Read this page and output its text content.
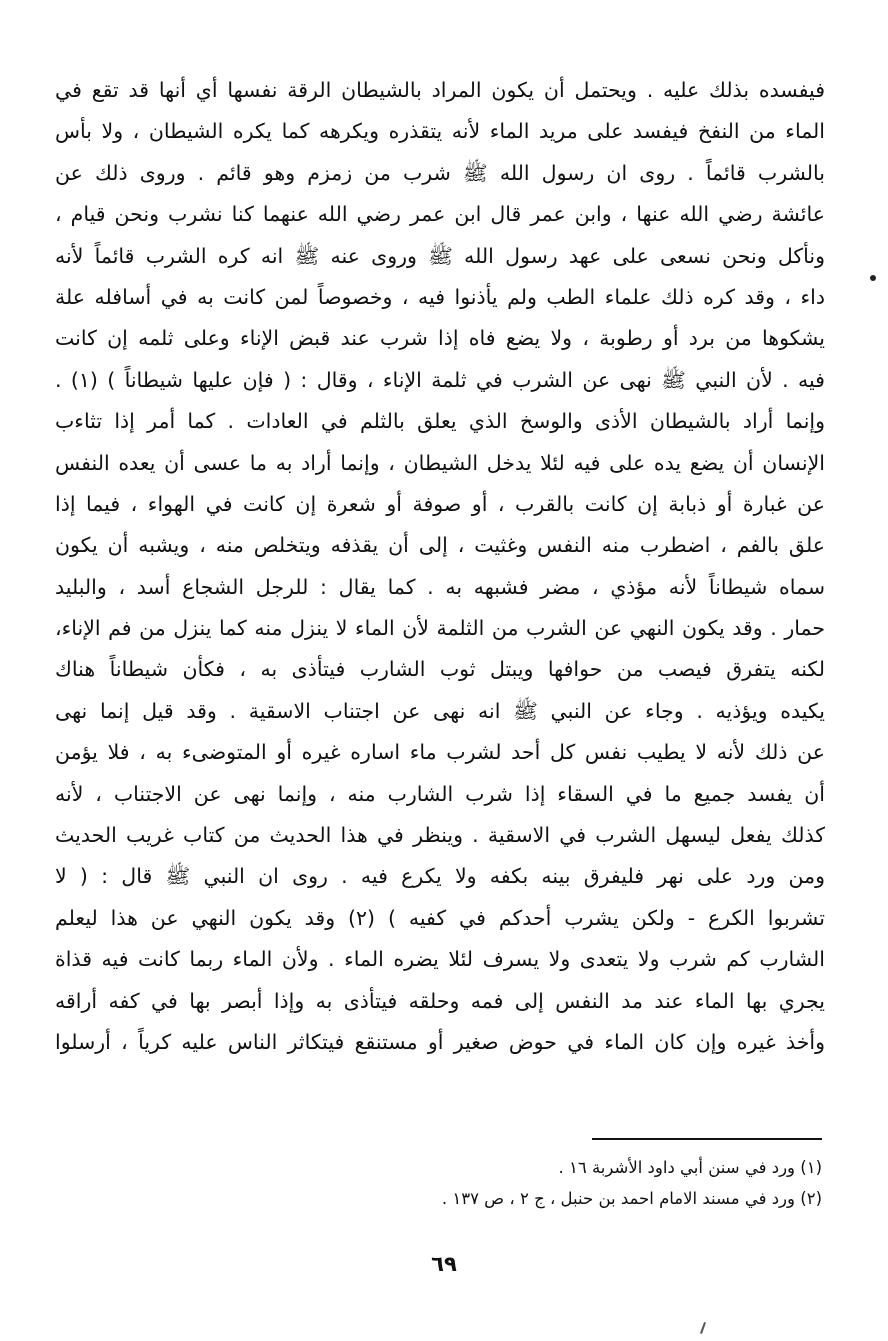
فيفسده بذلك عليه . ويحتمل أن يكون المراد بالشيطان الرقة نفسها أي أنها قد تقع في
الماء من النفخ فيفسد على مريد الماء لأنه يتقذره ويكرهه كما يكره الشيطان ، ولا بأس
بالشرب قائماً . روى ان رسول الله ﷺ شرب من زمزم وهو قائم . وروى ذلك عن
عائشة رضي الله عنها ، وابن عمر قال ابن عمر رضي الله عنهما كنا نشرب ونحن قيام ،
ونأكل ونحن نسعى على عهد رسول الله ﷺ وروى عنه ﷺ انه كره الشرب قائماً لأنه
داء ، وقد كره ذلك علماء الطب ولم يأذنوا فيه ، وخصوصاً لمن كانت به في أسافله علة
يشكوها من برد أو رطوبة ، ولا يضع فاه إذا شرب عند قبض الإناء وعلى ثلمه إن كانت
فيه . لأن النبي ﷺ نهى عن الشرب في ثلمة الإناء ، وقال : ( فإن عليها شيطاناً ) (١) .
وإنما أراد بالشيطان الأذى والوسخ الذي يعلق بالثلم في العادات . كما أمر إذا تثاءب
الإنسان أن يضع يده على فيه لئلا يدخل الشيطان ، وإنما أراد به ما عسى أن يعده النفس
عن غبارة أو ذبابة إن كانت بالقرب ، أو صوفة أو شعرة إن كانت في الهواء ، فيما إذا
علق بالفم ، اضطرب منه النفس وغثيت ، إلى أن يقذفه ويتخلص منه ، ويشبه أن يكون
سماه شيطاناً لأنه مؤذي ، مضر فشبهه به . كما يقال : للرجل الشجاع أسد ، والبليد
حمار . وقد يكون النهي عن الشرب من الثلمة لأن الماء لا ينزل منه كما ينزل من فم الإناء،
لكنه يتفرق فيصب من حوافها ويبتل ثوب الشارب فيتأذى به ، فكأن شيطاناً هناك
يكيده ويؤذيه . وجاء عن النبي ﷺ انه نهى عن اجتناب الاسقية . وقد قيل إنما نهى
عن ذلك لأنه لا يطيب نفس كل أحد لشرب ماء اساره غيره أو المتوضىء به ، فلا يؤمن
أن يفسد جميع ما في السقاء إذا شرب الشارب منه ، وإنما نهى عن الاجتناب ، لأنه
كذلك يفعل ليسهل الشرب في الاسقية . وينظر في هذا الحديث من كتاب غريب الحديث
ومن ورد على نهر فليفرق بينه بكفه ولا يكرع فيه . روى ان النبي ﷺ قال : ( لا
تشربوا الكرع - ولكن يشرب أحدكم في كفيه ) (٢) وقد يكون النهي عن هذا ليعلم
الشارب كم شرب ولا يتعدى ولا يسرف لئلا يضره الماء . ولأن الماء ربما كانت فيه قذاة
يجري بها الماء عند مد النفس إلى فمه وحلقه فيتأذى به وإذا أبصر بها في كفه أراقه
وأخذ غيره وإن كان الماء في حوض صغير أو مستنقع فيتكاثر الناس عليه كرياً ، أرسلوا
(١) ورد في سنن أبي داود الأشربة ١٦ .
(٢) ورد في مسند الامام احمد بن حنبل ، ج ٢ ، ص ١٣٧ .
٦٩
